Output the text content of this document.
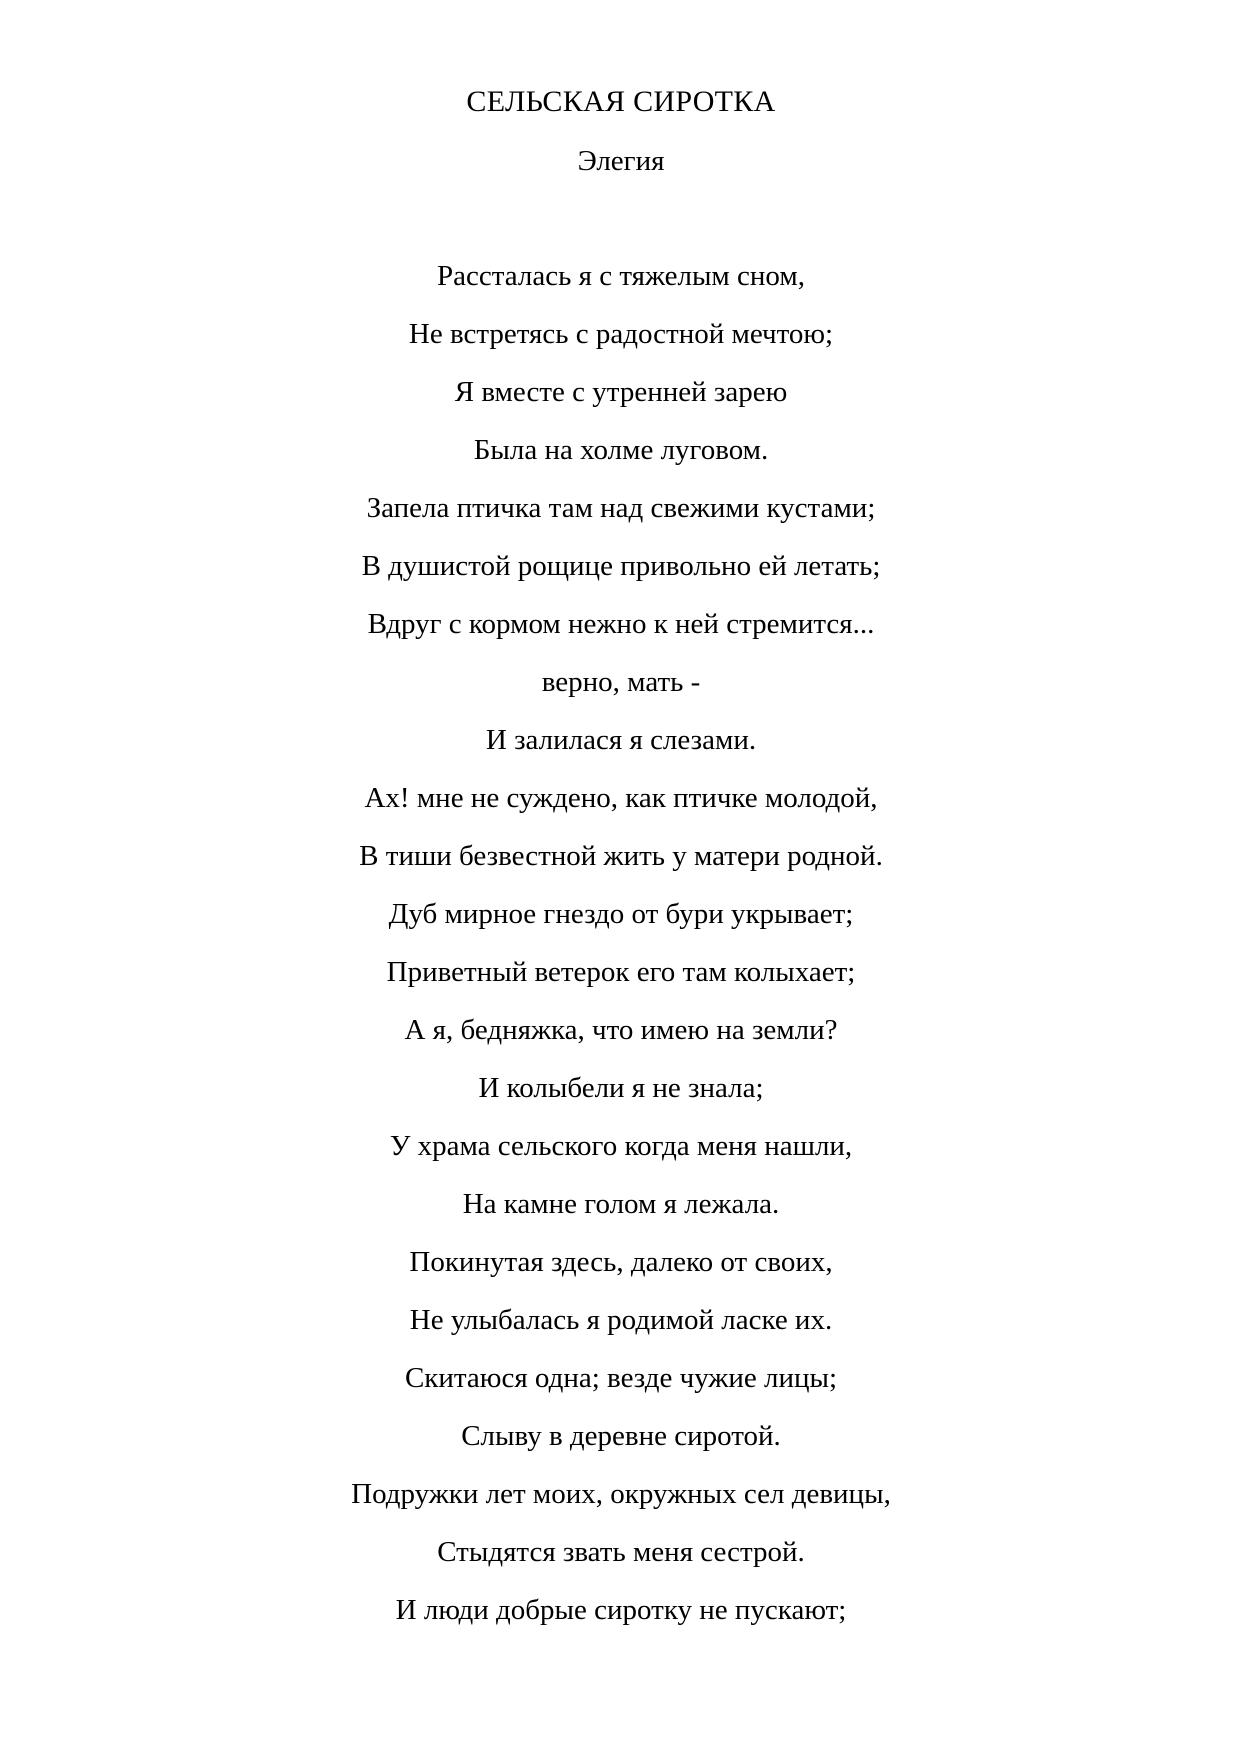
СЕЛЬСКАЯ СИРОТКА
Элегия
Рассталась я с тяжелым сном,
Не встретясь с радостной мечтою;
Я вместе с утренней зарею
Была на холме луговом.
Запела птичка там над свежими кустами;
В душистой рощице привольно ей летать;
Вдруг с кормом нежно к ней стремится...
верно, мать -
И залилася я слезами.
Ах! мне не суждено, как птичке молодой,
В тиши безвестной жить у матери родной.
Дуб мирное гнездо от бури укрывает;
Приветный ветерок его там колыхает;
А я, бедняжка, что имею на земли?
И колыбели я не знала;
У храма сельского когда меня нашли,
На камне голом я лежала.
Покинутая здесь, далеко от своих,
Не улыбалась я родимой ласке их.
Скитаюся одна; везде чужие лицы;
Слыву в деревне сиротой.
Подружки лет моих, окружных сел девицы,
Стыдятся звать меня сестрой.
И люди добрые сиротку не пускают;
